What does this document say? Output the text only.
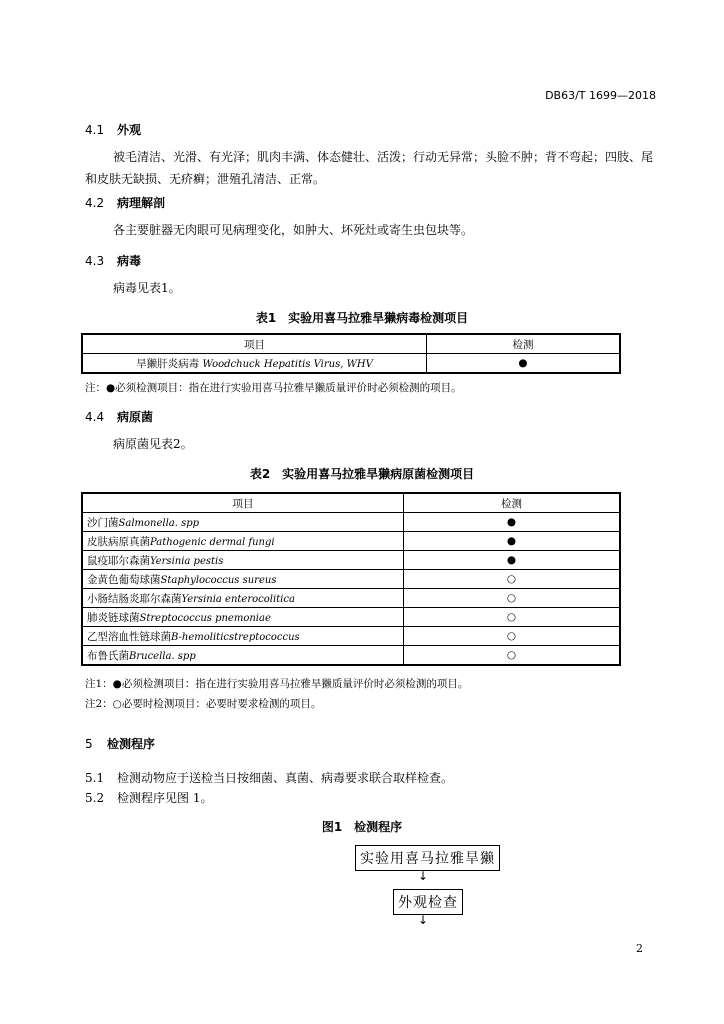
DB63/T 1699—2018
4.1 外观
被毛清洁、光滑、有光泽；肌肉丰满、体态健壮、活泼；行动无异常；头脸不肿；背不弯起；四肢、尾和皮肤无缺损、无疥癣；泄殖孔清洁、正常。
4.2 病理解剖
各主要脏器无肉眼可见病理变化，如肿大、坏死灶或寄生虫包块等。
4.3 病毒
病毒见表1。
表1　实验用喜马拉雅旱獭病毒检测项目
项目	检测
旱獭肝炎病毒 Woodchuck Hepatitis Virus, WHV	●
注：●必须检测项目：指在进行实验用喜马拉雅旱獭质量评价时必须检测的项目。
4.4 病原菌
病原菌见表2。
表2　实验用喜马拉雅旱獭病原菌检测项目
项目	检测
沙门菌Salmonella. spp	●
皮肤病原真菌Pathogenic dermal fungi	●
鼠疫耶尔森菌Yersinia pestis	●
金黄色葡萄球菌Staphylococcus sureus	○
小肠结肠炎耶尔森菌Yersinia enterocolitica	○
肺炎链球菌Streptococcus pnemoniae	○
乙型溶血性链球菌B-hemoliticstreptococcus	○
布鲁氏菌Brucella. spp	○
注1：●必须检测项目：指在进行实验用喜马拉雅旱獭质量评价时必须检测的项目。
注2：○必要时检测项目：必要时要求检测的项目。
5 检测程序
5.1 检测动物应于送检当日按细菌、真菌、病毒要求联合取样检查。
5.2 检测程序见图 1。
图1　检测程序
实验用喜马拉雅旱獭
↓
外观检查
↓
2
